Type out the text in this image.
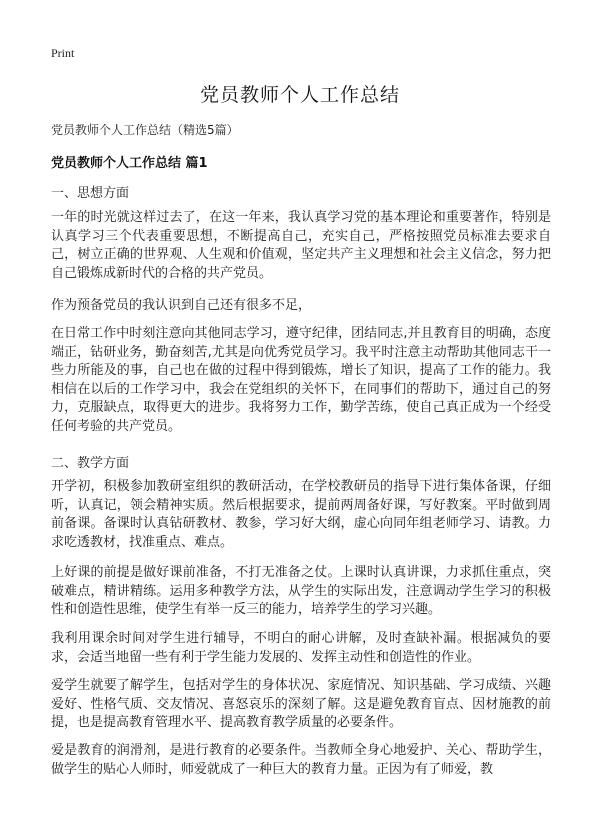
Print
党员教师个人工作总结
党员教师个人工作总结（精选5篇）
党员教师个人工作总结 篇1
一、思想方面

一年的时光就这样过去了，在这一年来，我认真学习党的基本理论和重要著作，特别是认真学习三个代表重要思想，不断提高自己，充实自己，严格按照党员标准去要求自己，树立正确的世界观、人生观和价值观，坚定共产主义理想和社会主义信念，努力把自己锻炼成新时代的合格的共产党员。

作为预备党员的我认识到自己还有很多不足，

在日常工作中时刻注意向其他同志学习，遵守纪律，团结同志,并且教育目的明确，态度端正，钻研业务，勤奋刻苦,尤其是向优秀党员学习。我平时注意主动帮助其他同志干一些力所能及的事，自己也在做的过程中得到锻炼，增长了知识，提高了工作的能力。我相信在以后的工作学习中，我会在党组织的关怀下，在同事们的帮助下，通过自己的努力，克服缺点，取得更大的进步。我将努力工作，勤学苦练，使自己真正成为一个经受任何考验的共产党员。

二、教学方面

开学初，积极参加教研室组织的教研活动，在学校教研员的指导下进行集体备课，仔细听，认真记，领会精神实质。然后根据要求，提前两周备好课，写好教案。平时做到周前备课。备课时认真钻研教材、教参，学习好大纲，虚心向同年组老师学习、请教。力求吃透教材，找准重点、难点。

上好课的前提是做好课前准备，不打无准备之仗。上课时认真讲课，力求抓住重点，突破难点，精讲精练。运用多种教学方法，从学生的实际出发，注意调动学生学习的积极性和创造性思维，使学生有举一反三的能力，培养学生的学习兴趣。

我利用课余时间对学生进行辅导，不明白的耐心讲解，及时查缺补漏。根据减负的要求，会适当地留一些有利于学生能力发展的、发挥主动性和创造性的作业。

爱学生就要了解学生，包括对学生的身体状况、家庭情况、知识基础、学习成绩、兴趣爱好、性格气质、交友情况、喜怒哀乐的深刻了解。这是避免教育盲点、因材施教的前提，也是提高教育管理水平、提高教育教学质量的必要条件。

爱是教育的润滑剂，是进行教育的必要条件。当教师全身心地爱护、关心、帮助学生，做学生的贴心人师时，师爱就成了一种巨大的教育力量。正因为有了师爱，教
